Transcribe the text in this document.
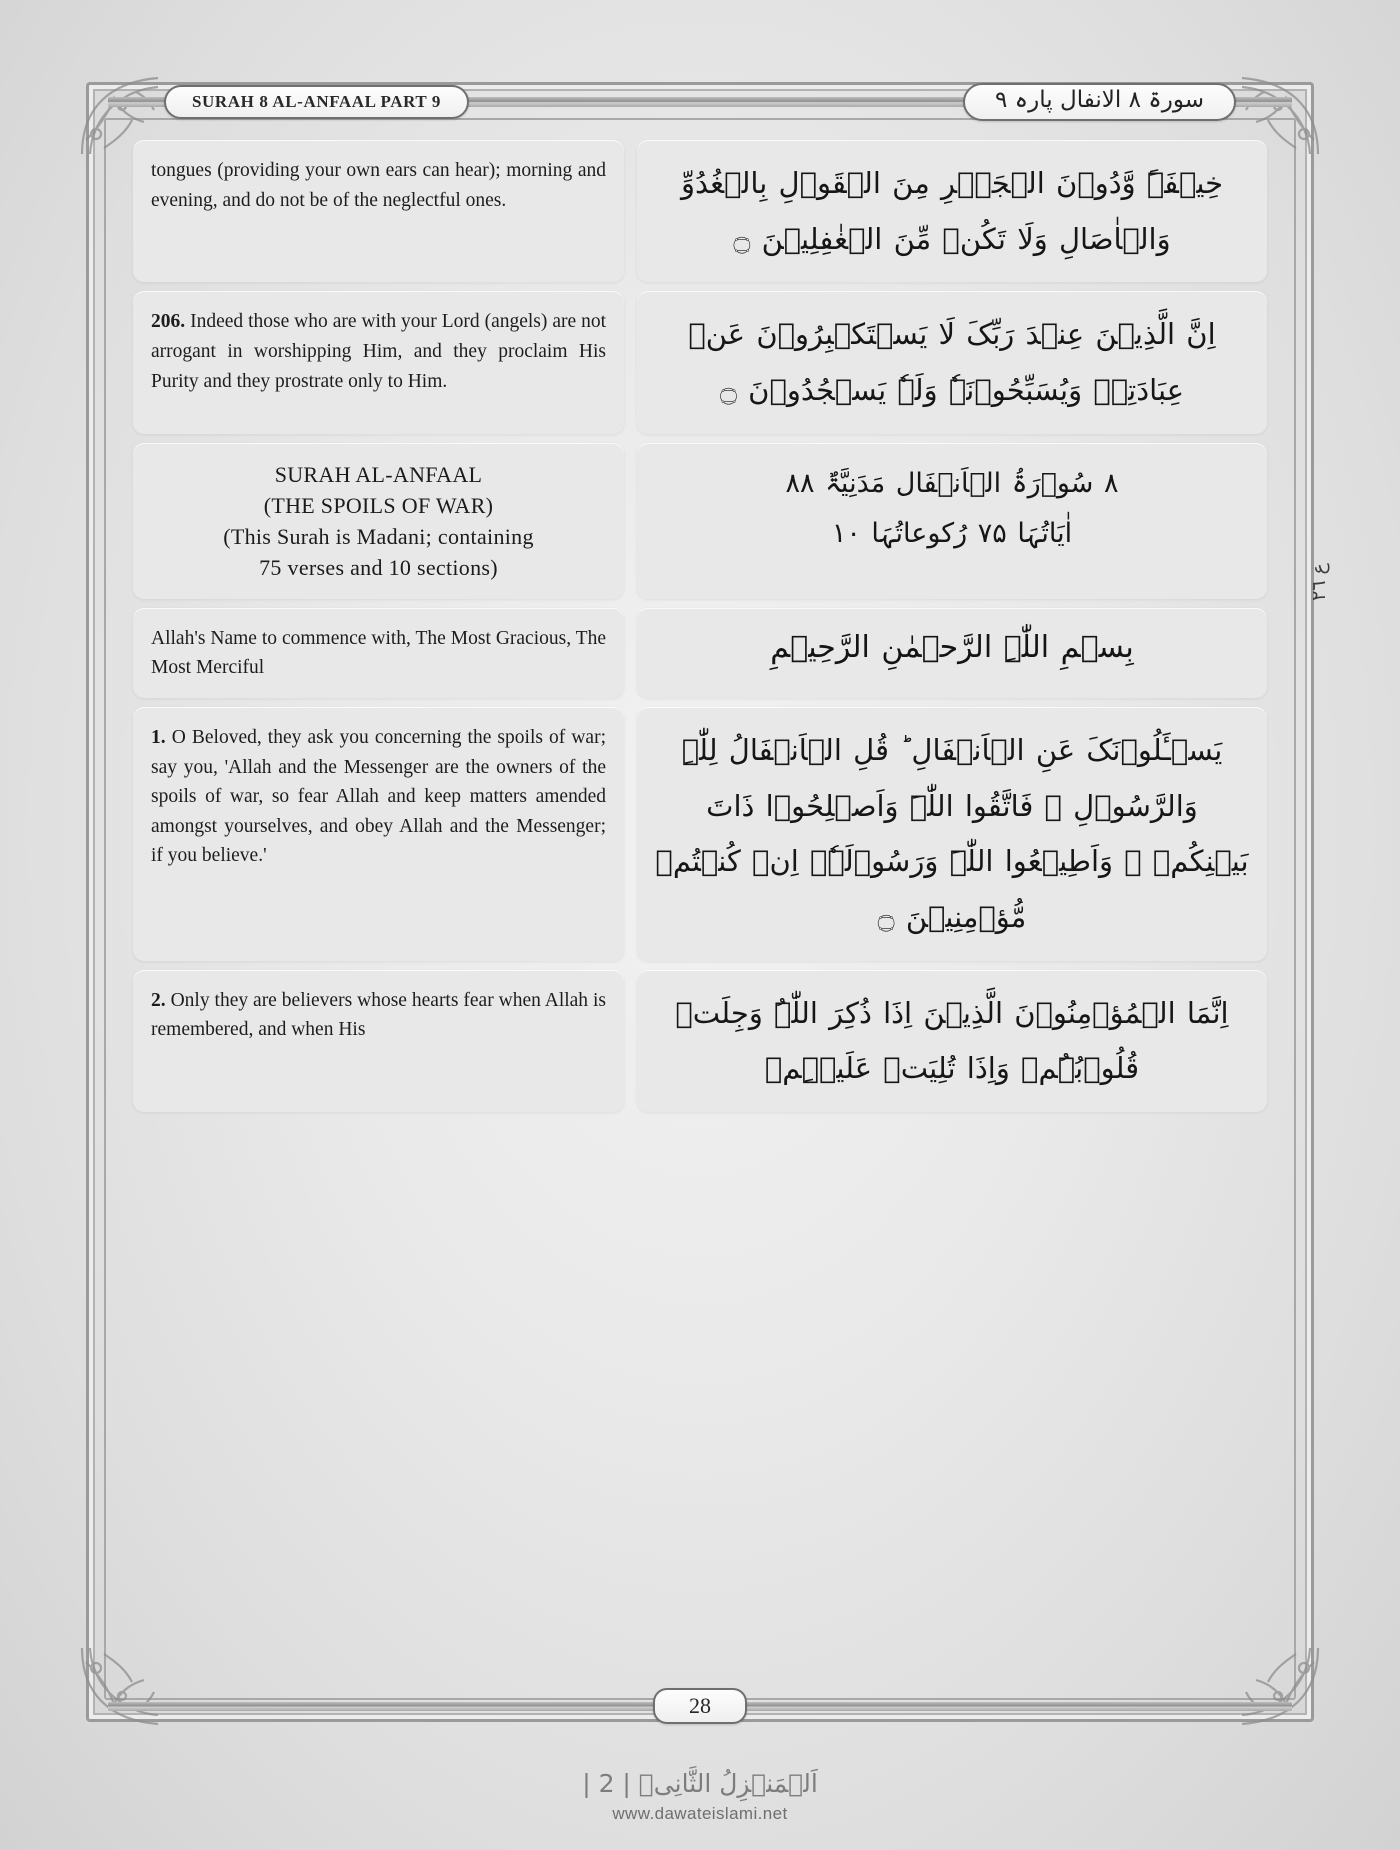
SURAH 8 AL-ANFAAL PART 9	سورۃ ۸ الانفال پارہ ۹
ع ٢٦
tongues (providing your own ears can hear); morning and evening, and do not be of the neglectful ones.
خِیۡفَۃً وَّدُوۡنَ الۡجَہۡرِ مِنَ الۡقَوۡلِ بِالۡغُدُوِّ وَالۡاٰصَالِ وَلَا تَکُنۡ مِّنَ الۡغٰفِلِیۡنَ ۝
206. Indeed those who are with your Lord (angels) are not arrogant in worshipping Him, and they proclaim His Purity and they prostrate only to Him.
اِنَّ الَّذِیۡنَ عِنۡدَ رَبِّکَ لَا یَسۡتَکۡبِرُوۡنَ عَنۡ عِبَادَتِہٖ وَیُسَبِّحُوۡنَہٗ وَلَہٗ یَسۡجُدُوۡنَ ۝
SURAH AL-ANFAAL
(THE SPOILS OF WAR)
(This Surah is Madani; containing
75 verses and 10 sections)
۸ سُوۡرَۃُ الۡاَنۡفَال مَدَنِیَّۃٌ ۸۸
اٰیَاتُہَا ۷۵ رُکوعاتُہَا ۱۰
Allah's Name to commence with, The Most Gracious, The Most Merciful
بِسۡمِ اللّٰہِ الرَّحۡمٰنِ الرَّحِیۡمِ
1. O Beloved, they ask you concerning the spoils of war; say you, 'Allah and the Messenger are the owners of the spoils of war, so fear Allah and keep matters amended amongst yourselves, and obey Allah and the Messenger; if you believe.'
یَسۡـَٔلُوۡنَکَ عَنِ الۡاَنۡفَالِ ؕ قُلِ الۡاَنۡفَالُ لِلّٰہِ وَالرَّسُوۡلِ ۚ فَاتَّقُوا اللّٰہَ وَاَصۡلِحُوۡا ذَاتَ بَیۡنِکُمۡ ۪ وَاَطِیۡعُوا اللّٰہَ وَرَسُوۡلَہٗۤ اِنۡ کُنۡتُمۡ مُّؤۡمِنِیۡنَ ۝
2. Only they are believers whose hearts fear when Allah is remembered, and when His
اِنَّمَا الۡمُؤۡمِنُوۡنَ الَّذِیۡنَ اِذَا ذُکِرَ اللّٰہُ وَجِلَتۡ قُلُوۡبُہُمۡ وَاِذَا تُلِیَتۡ عَلَیۡہِمۡ
28
اَلۡمَنۡزِلُ الثَّانِیۡ | 2 |
www.dawateislami.net
